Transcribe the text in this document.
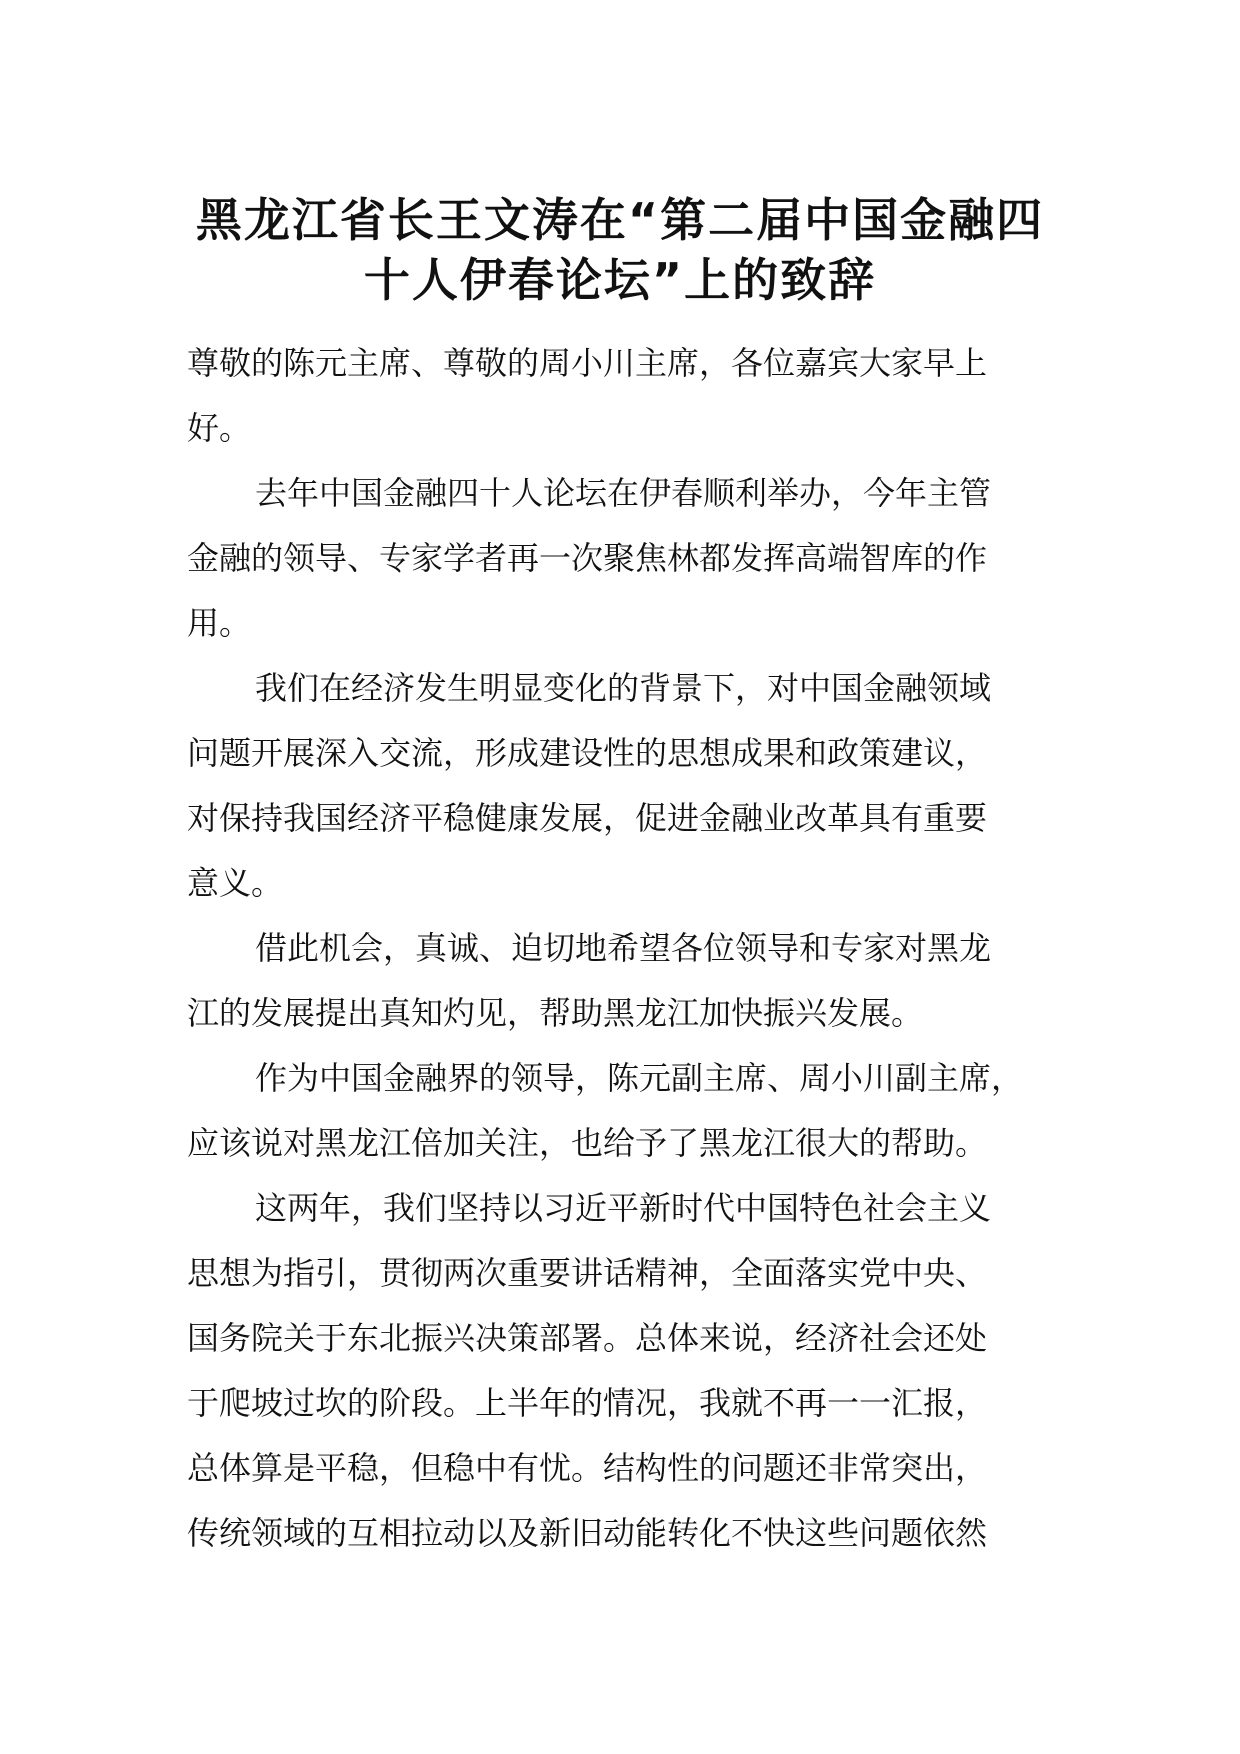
黑龙江省长王文涛在“第二届中国金融四
十人伊春论坛”上的致辞
尊敬的陈元主席、尊敬的周小川主席，各位嘉宾大家早上
好。
去年中国金融四十人论坛在伊春顺利举办，今年主管
金融的领导、专家学者再一次聚焦林都发挥高端智库的作
用。
我们在经济发生明显变化的背景下，对中国金融领域
问题开展深入交流，形成建设性的思想成果和政策建议，
对保持我国经济平稳健康发展，促进金融业改革具有重要
意义。
借此机会，真诚、迫切地希望各位领导和专家对黑龙
江的发展提出真知灼见，帮助黑龙江加快振兴发展。
作为中国金融界的领导，陈元副主席、周小川副主席，
应该说对黑龙江倍加关注，也给予了黑龙江很大的帮助。
这两年，我们坚持以习近平新时代中国特色社会主义
思想为指引，贯彻两次重要讲话精神，全面落实党中央、
国务院关于东北振兴决策部署。总体来说，经济社会还处
于爬坡过坎的阶段。上半年的情况，我就不再一一汇报，
总体算是平稳，但稳中有忧。结构性的问题还非常突出，
传统领域的互相拉动以及新旧动能转化不快这些问题依然
